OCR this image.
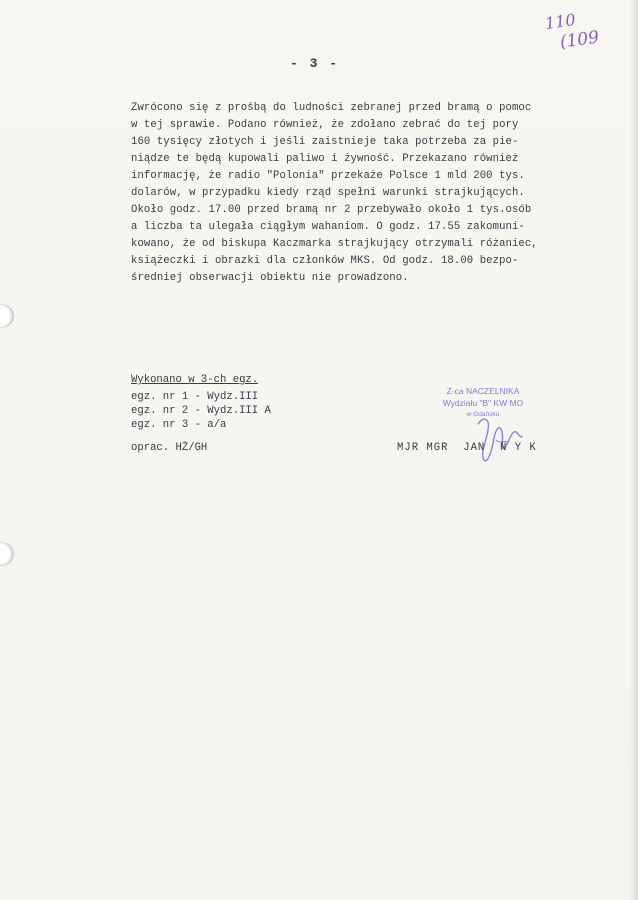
110
(109
- 3 -
Zwrócono się z prośbą do ludności zebranej przed bramą o pomoc
w tej sprawie. Podano również, że zdołano zebrać do tej pory
160 tysięcy złotych i jeśli zaistnieje taka potrzeba za pie-
niądze te będą kupowali paliwo i żywność. Przekazano również
informację, że radio "Polonia" przekaże Polsce 1 mld 200 tys.
dolarów, w przypadku kiedy rząd spełni warunki strajkujących.
Około godz. 17.00 przed bramą nr 2 przebywało około 1 tys.osób
a liczba ta ulegała ciągłym wahaniom. O godz. 17.55 zakomuni-
kowano, że od biskupa Kaczmarka strajkujący otrzymali różaniec,
książeczki i obrazki dla członków MKS. Od godz. 18.00 bezpo-
średniej obserwacji obiektu nie prowadzono.
Wykonano w 3-ch egz.
egz. nr 1 - Wydz.III
egz. nr 2 - Wydz.III A
egz. nr 3 - a/a
oprac. HŻ/GH
Z-ca NACZELNIKA
Wydziału "B" KW MO
w Gdańsku
MJR MGR  JAN  N Y K
